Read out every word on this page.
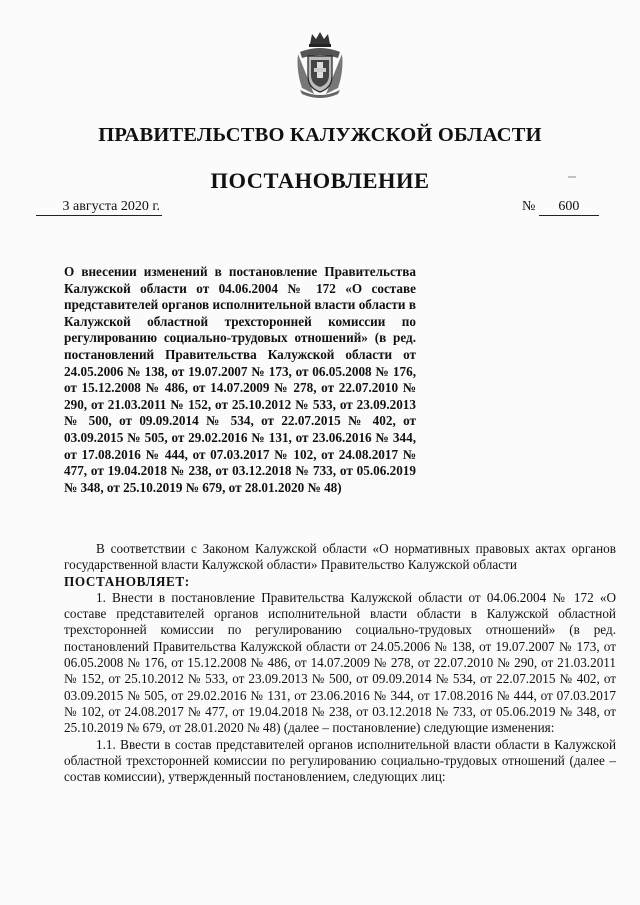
ПРАВИТЕЛЬСТВО КАЛУЖСКОЙ ОБЛАСТИ
ПОСТАНОВЛЕНИЕ
3 августа 2020 г.	№ 600
О внесении изменений в постановление Правительства Калужской области от 04.06.2004 № 172 «О составе представителей органов исполнительной власти области в Калужской областной трехсторонней комиссии по регулированию социально-трудовых отношений» (в ред. постановлений Правительства Калужской области от 24.05.2006 № 138, от 19.07.2007 № 173, от 06.05.2008 № 176, от 15.12.2008 № 486, от 14.07.2009 № 278, от 22.07.2010 № 290, от 21.03.2011 № 152, от 25.10.2012 № 533, от 23.09.2013 № 500, от 09.09.2014 № 534, от 22.07.2015 № 402, от 03.09.2015 № 505, от 29.02.2016 № 131, от 23.06.2016 № 344, от 17.08.2016 № 444, от 07.03.2017 № 102, от 24.08.2017 № 477, от 19.04.2018 № 238, от 03.12.2018 № 733, от 05.06.2019 № 348, от 25.10.2019 № 679, от 28.01.2020 № 48)

В соответствии с Законом Калужской области «О нормативных правовых актах органов государственной власти Калужской области» Правительство Калужской области

ПОСТАНОВЛЯЕТ:

1. Внести в постановление Правительства Калужской области от 04.06.2004 № 172 «О составе представителей органов исполнительной власти области в Калужской областной трехсторонней комиссии по регулированию социально-трудовых отношений» (в ред. постановлений Правительства Калужской области от 24.05.2006 № 138, от 19.07.2007 № 173, от 06.05.2008 № 176, от 15.12.2008 № 486, от 14.07.2009 № 278, от 22.07.2010 № 290, от 21.03.2011 № 152, от 25.10.2012 № 533, от 23.09.2013 № 500, от 09.09.2014 № 534, от 22.07.2015 № 402, от 03.09.2015 № 505, от 29.02.2016 № 131, от 23.06.2016 № 344, от 17.08.2016 № 444, от 07.03.2017 № 102, от 24.08.2017 № 477, от 19.04.2018 № 238, от 03.12.2018 № 733, от 05.06.2019 № 348, от 25.10.2019 № 679, от 28.01.2020 № 48) (далее – постановление) следующие изменения:

1.1. Ввести в состав представителей органов исполнительной власти области в Калужской областной трехсторонней комиссии по регулированию социально-трудовых отношений (далее – состав комиссии), утвержденный постановлением, следующих лиц:
